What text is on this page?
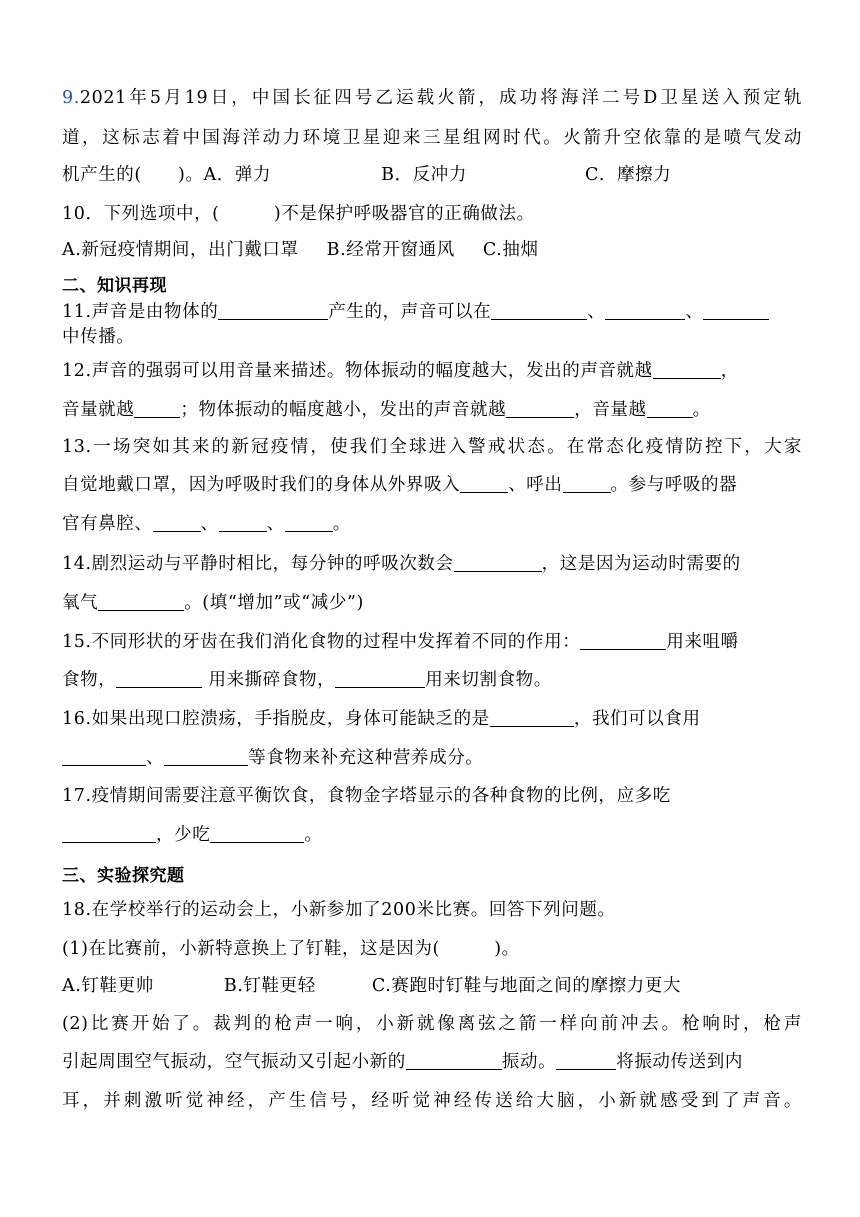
9.2021年5月19日，中国长征四号乙运载火箭，成功将海洋二号D卫星送入预定轨
道，这标志着中国海洋动力环境卫星迎来三星组网时代。火箭升空依靠的是喷气发动
机产生的(　　)。A．弹力	B．反冲力	C．摩擦力
10．下列选项中，(　　　)不是保护呼吸器官的正确做法。
A.新冠疫情期间，出门戴口罩 B.经常开窗通风 C.抽烟
二、知识再现
11.声音是由物体的	产生的，声音可以在	、	、
中传播。
12.声音的强弱可以用音量来描述。物体振动的幅度越大，发出的声音就越	，
音量就越	；物体振动的幅度越小，发出的声音就越	，音量越	。
13.一场突如其来的新冠疫情，使我们全球进入警戒状态。在常态化疫情防控下，大家
自觉地戴口罩，因为呼吸时我们的身体从外界吸入	、呼出	。参与呼吸的器
官有鼻腔、	、	、	。
14.剧烈运动与平静时相比，每分钟的呼吸次数会	，这是因为运动时需要的
氧气	。(填“增加”或“减少”)
15.不同形状的牙齿在我们消化食物的过程中发挥着不同的作用：	用来咀嚼
食物，	用来撕碎食物，	用来切割食物。
16.如果出现口腔溃疡，手指脱皮，身体可能缺乏的是	，我们可以食用
、	等食物来补充这种营养成分。
17.疫情期间需要注意平衡饮食，食物金字塔显示的各种食物的比例，应多吃
，少吃	。
三、实验探究题
18.在学校举行的运动会上，小新参加了200米比赛。回答下列问题。
(1)在比赛前，小新特意换上了钉鞋，这是因为(　　　)。
A.钉鞋更帅	B.钉鞋更轻	C.赛跑时钉鞋与地面之间的摩擦力更大
(2)比赛开始了。裁判的枪声一响，小新就像离弦之箭一样向前冲去。枪响时，枪声
引起周围空气振动，空气振动又引起小新的	振动。	将振动传送到内
耳，并刺激听觉神经，产生信号，经听觉神经传送给大脑，小新就感受到了声音。
